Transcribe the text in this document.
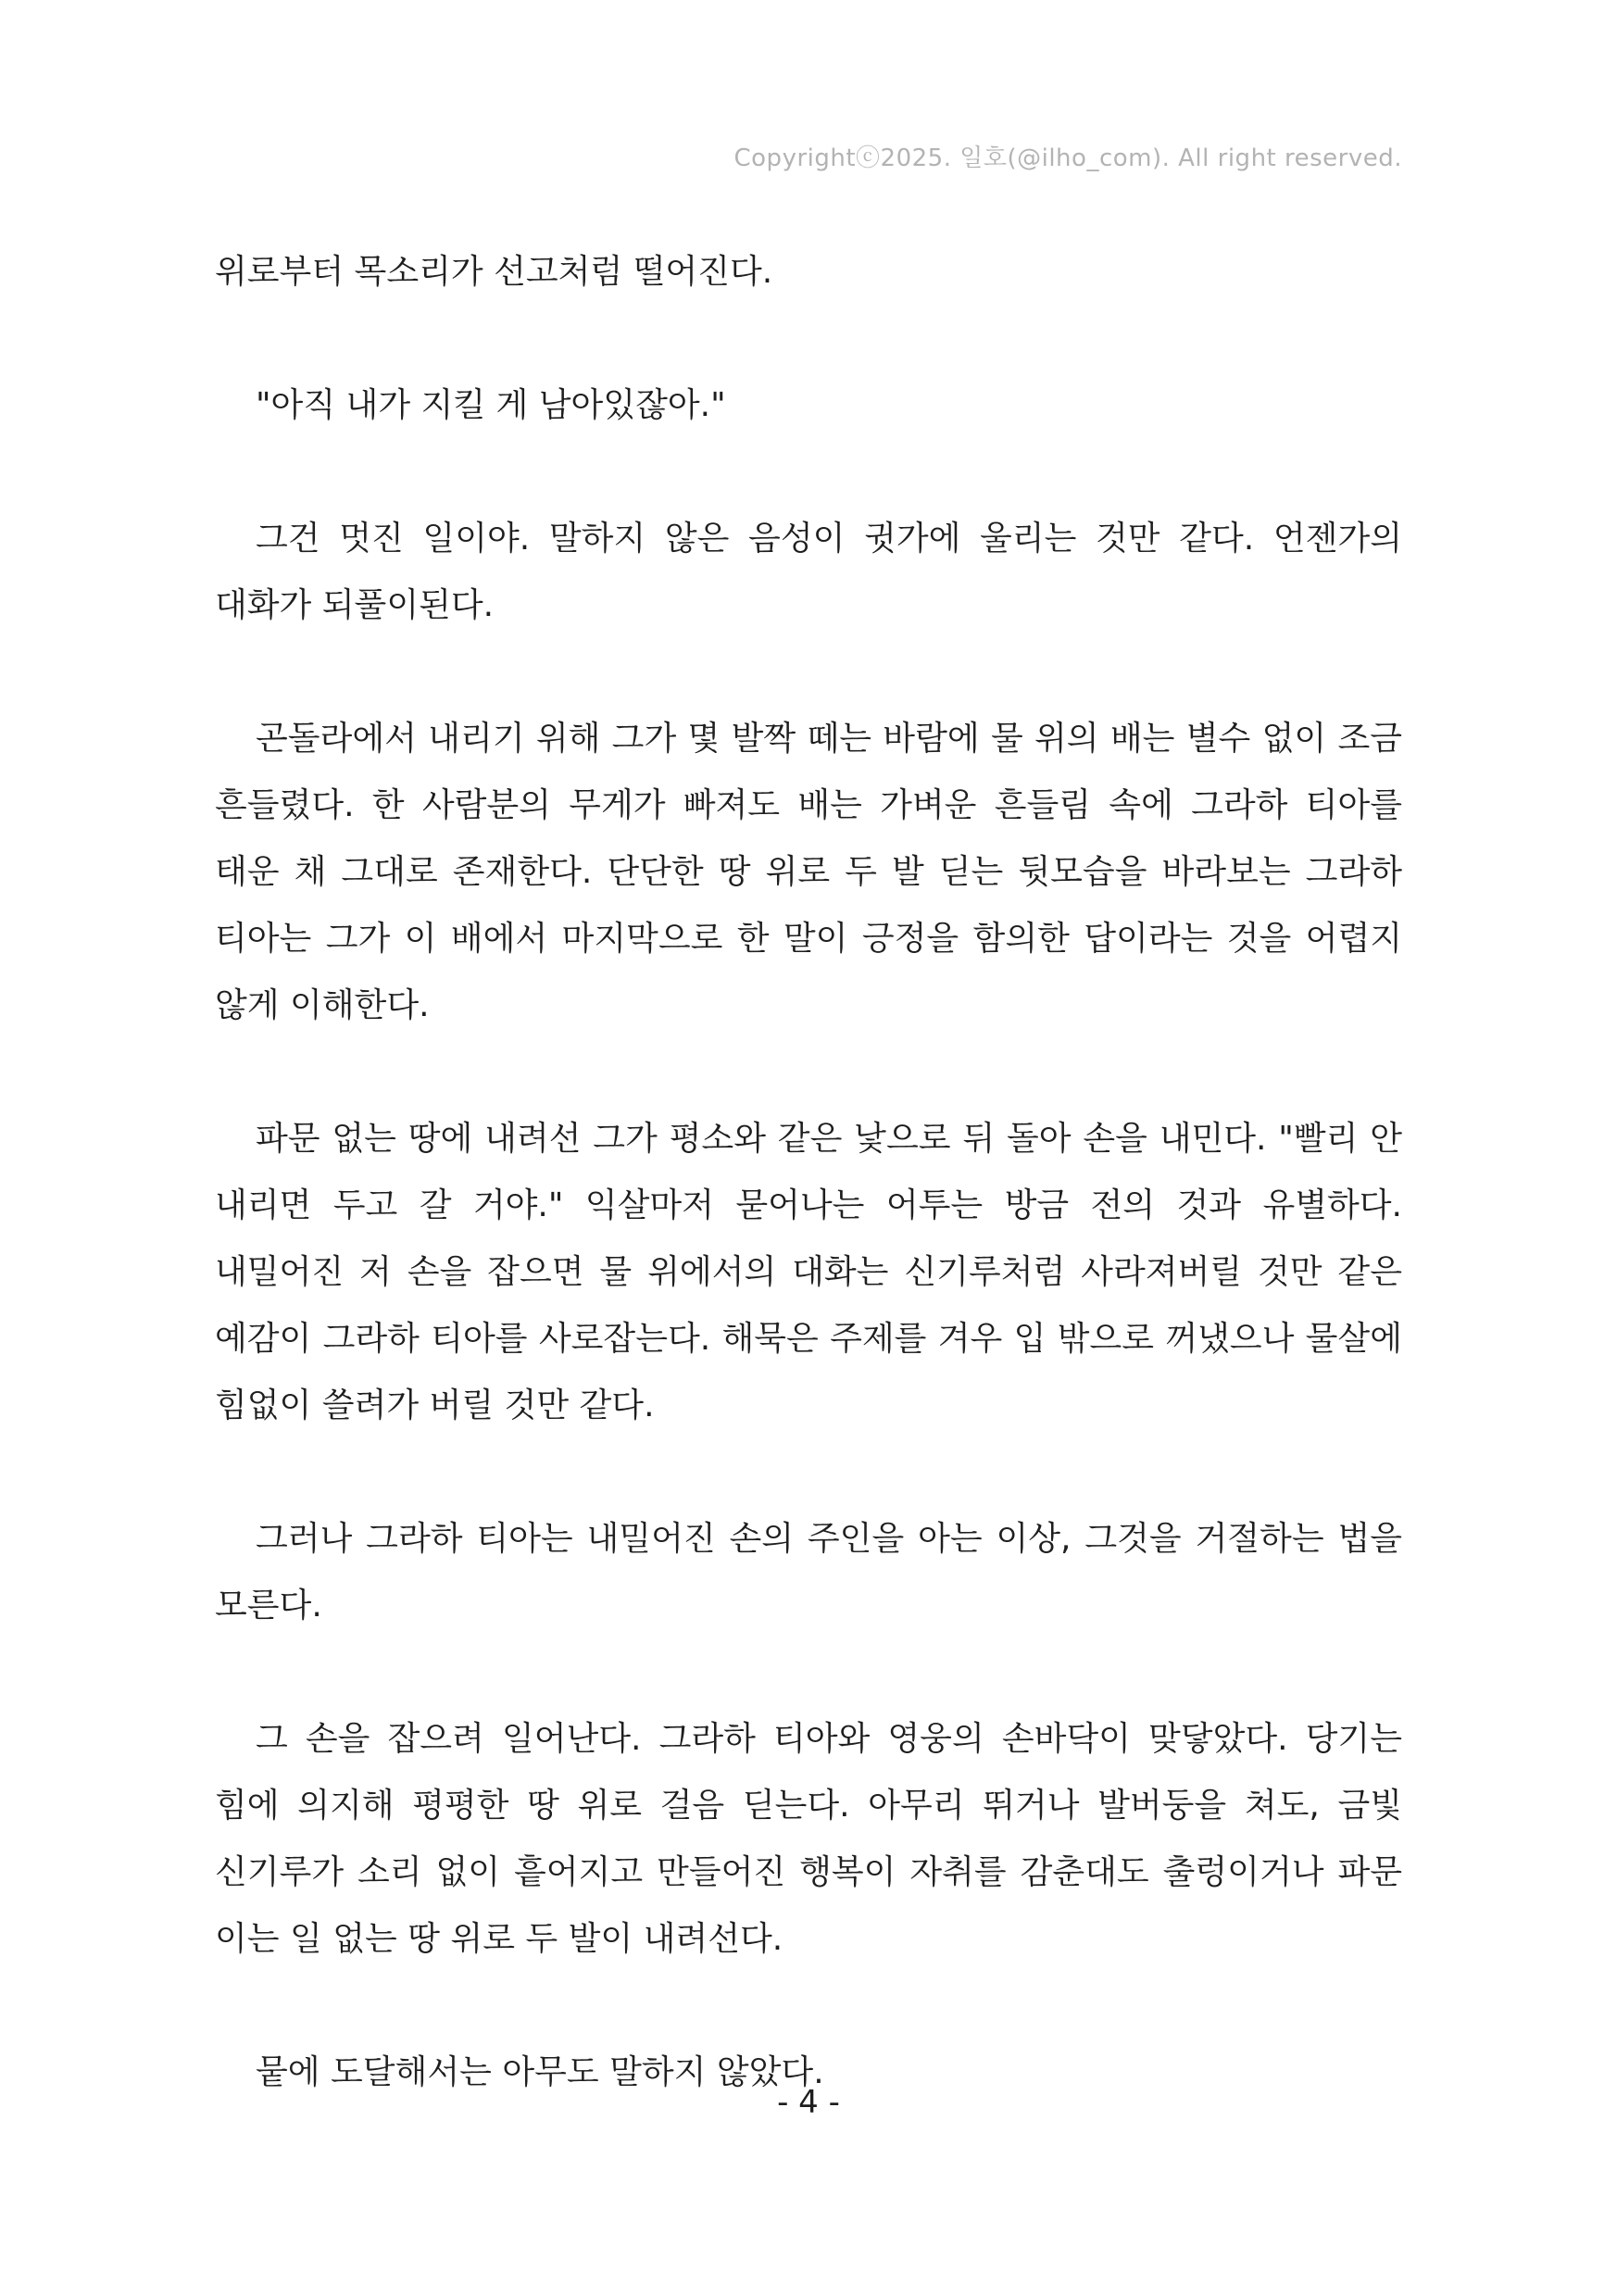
Copyrightⓒ2025. 일호(@ilho_com). All right reserved.

위로부터 목소리가 선고처럼 떨어진다.

"아직 내가 지킬 게 남아있잖아."

그건 멋진 일이야. 말하지 않은 음성이 귓가에 울리는 것만 같다. 언젠가의 대화가 되풀이된다.

곤돌라에서 내리기 위해 그가 몇 발짝 떼는 바람에 물 위의 배는 별수 없이 조금 흔들렸다. 한 사람분의 무게가 빠져도 배는 가벼운 흔들림 속에 그라하 티아를 태운 채 그대로 존재한다. 단단한 땅 위로 두 발 딛는 뒷모습을 바라보는 그라하 티아는 그가 이 배에서 마지막으로 한 말이 긍정을 함의한 답이라는 것을 어렵지 않게 이해한다.

파문 없는 땅에 내려선 그가 평소와 같은 낯으로 뒤 돌아 손을 내민다. "빨리 안 내리면 두고 갈 거야." 익살마저 묻어나는 어투는 방금 전의 것과 유별하다. 내밀어진 저 손을 잡으면 물 위에서의 대화는 신기루처럼 사라져버릴 것만 같은 예감이 그라하 티아를 사로잡는다. 해묵은 주제를 겨우 입 밖으로 꺼냈으나 물살에 힘없이 쓸려가 버릴 것만 같다.

그러나 그라하 티아는 내밀어진 손의 주인을 아는 이상, 그것을 거절하는 법을 모른다.

그 손을 잡으려 일어난다. 그라하 티아와 영웅의 손바닥이 맞닿았다. 당기는 힘에 의지해 평평한 땅 위로 걸음 딛는다. 아무리 뛰거나 발버둥을 쳐도, 금빛 신기루가 소리 없이 흩어지고 만들어진 행복이 자취를 감춘대도 출렁이거나 파문 이는 일 없는 땅 위로 두 발이 내려선다.

뭍에 도달해서는 아무도 말하지 않았다.

- 4 -
